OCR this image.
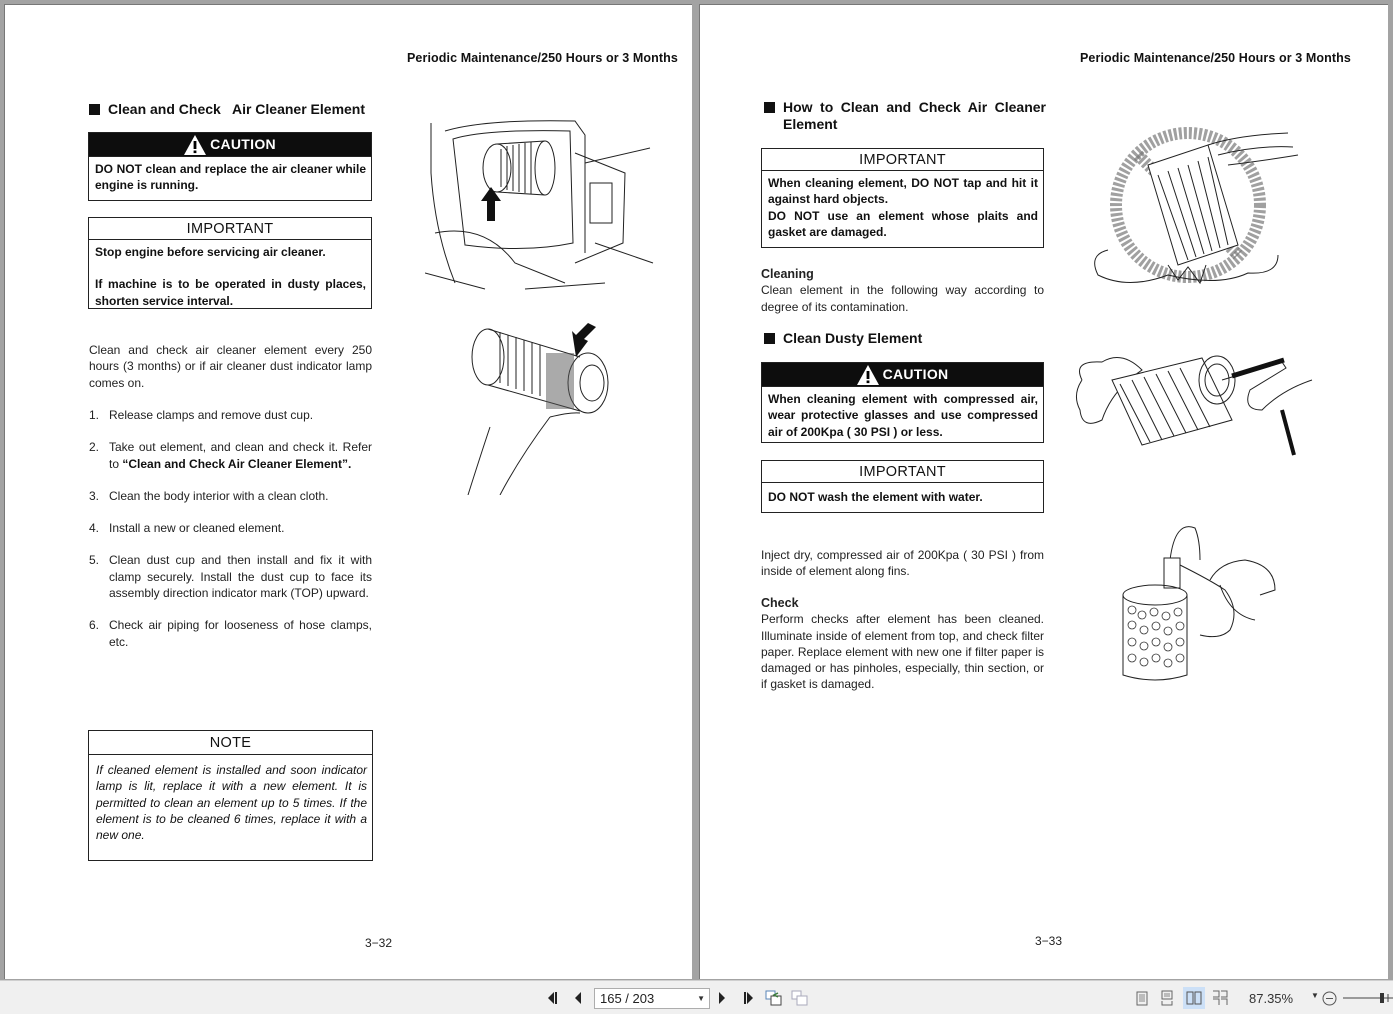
Periodic Maintenance/250 Hours or 3 Months
Clean and Check   Air Cleaner Element
CAUTION
DO NOT clean and replace the air cleaner while engine is running.
IMPORTANT

Stop engine before servicing air cleaner.

If machine is to be operated in dusty places, shorten service interval.

Clean and check air cleaner element every 250 hours (3 months) or if air cleaner dust indicator lamp comes on.
1. Release clamps and remove dust cup.
2. Take out element, and clean and check it. Refer to “Clean and Check Air Cleaner Element”.
3. Clean the body interior with a clean cloth.
4. Install a new or cleaned element.
5. Clean dust cup and then install and fix it with clamp securely. Install the dust cup to face its assembly direction indicator mark (TOP) upward.
6. Check air piping for looseness of hose clamps, etc.
NOTE
If cleaned element is installed and soon indicator lamp is lit, replace it with a new element. It is permitted to clean an element up to 5 times. If the element is to be cleaned 6 times, replace it with a new one.
3−32
Periodic Maintenance/250 Hours or 3 Months
How to Clean and Check Air Cleaner Element
IMPORTANT

When cleaning element, DO NOT tap and hit it against hard objects.

DO NOT use an element whose plaits and gasket are damaged.

Cleaning
Clean element in the following way according to degree of its contamination.
Clean Dusty Element
CAUTION
When cleaning element with compressed air, wear protective glasses and use compressed air of 200Kpa ( 30 PSI ) or less.
IMPORTANT
DO NOT wash the element with water.
Inject dry, compressed air of 200Kpa ( 30 PSI ) from inside of element along fins.
Check
Perform checks after element has been cleaned. Illuminate inside of element from top, and check filter paper. Replace element with new one if filter paper is damaged or has pinholes, especially, thin section, or if gasket is damaged.
3−33
165 / 203	▼	87.35% ▼
